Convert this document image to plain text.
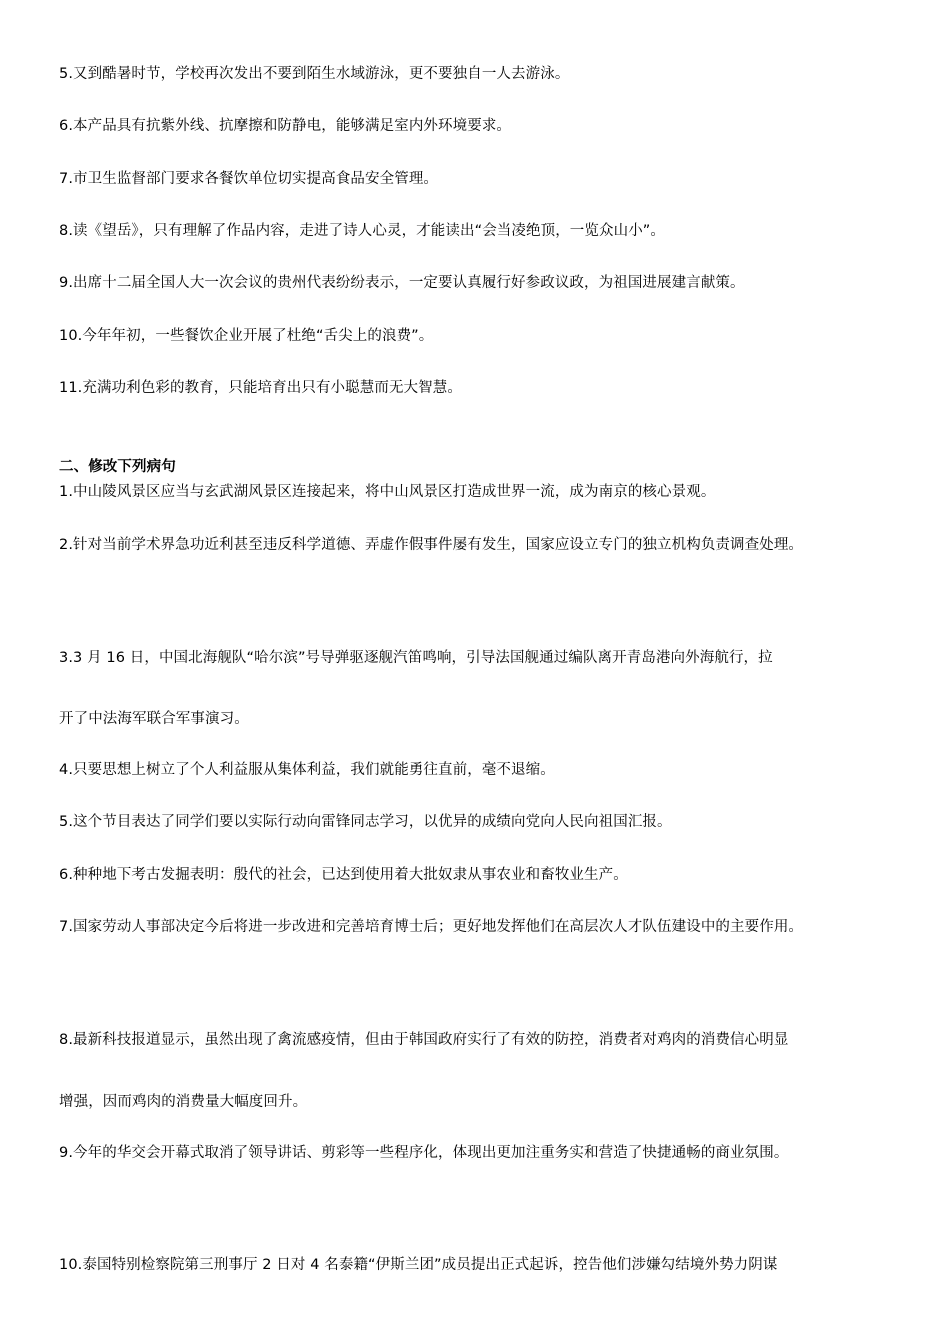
5.又到酷暑时节，学校再次发出不要到陌生水域游泳，更不要独自一人去游泳。
6.本产品具有抗紫外线、抗摩擦和防静电，能够满足室内外环境要求。
7.市卫生监督部门要求各餐饮单位切实提高食品安全管理。
8.读《望岳》，只有理解了作品内容，走进了诗人心灵，才能读出“会当凌绝顶，一览众山小”。
9.出席十二届全国人大一次会议的贵州代表纷纷表示，一定要认真履行好参政议政，为祖国进展建言献策。
10.今年年初，一些餐饮企业开展了杜绝“舌尖上的浪费”。
11.充满功利色彩的教育，只能培育出只有小聪慧而无大智慧。
二、修改下列病句
1.中山陵风景区应当与玄武湖风景区连接起来，将中山风景区打造成世界一流，成为南京的核心景观。
2.针对当前学术界急功近利甚至违反科学道德、弄虚作假事件屡有发生，国家应设立专门的独立机构负责调查处理。
3.3 月 16 日，中国北海舰队“哈尔滨”号导弹驱逐舰汽笛鸣响，引导法国舰通过编队离开青岛港向外海航行，拉
开了中法海军联合军事演习。
4.只要思想上树立了个人利益服从集体利益，我们就能勇往直前，毫不退缩。
5.这个节目表达了同学们要以实际行动向雷锋同志学习，以优异的成绩向党向人民向祖国汇报。
6.种种地下考古发掘表明：殷代的社会，已达到使用着大批奴隶从事农业和畜牧业生产。
7.国家劳动人事部决定今后将进一步改进和完善培育博士后；更好地发挥他们在高层次人才队伍建设中的主要作用。
8.最新科技报道显示，虽然出现了禽流感疫情，但由于韩国政府实行了有效的防控，消费者对鸡肉的消费信心明显
增强，因而鸡肉的消费量大幅度回升。
9.今年的华交会开幕式取消了领导讲话、剪彩等一些程序化，体现出更加注重务实和营造了快捷通畅的商业氛围。
10.泰国特别检察院第三刑事厅 2 日对 4 名泰籍“伊斯兰团”成员提出正式起诉，控告他们涉嫌勾结境外势力阴谋
